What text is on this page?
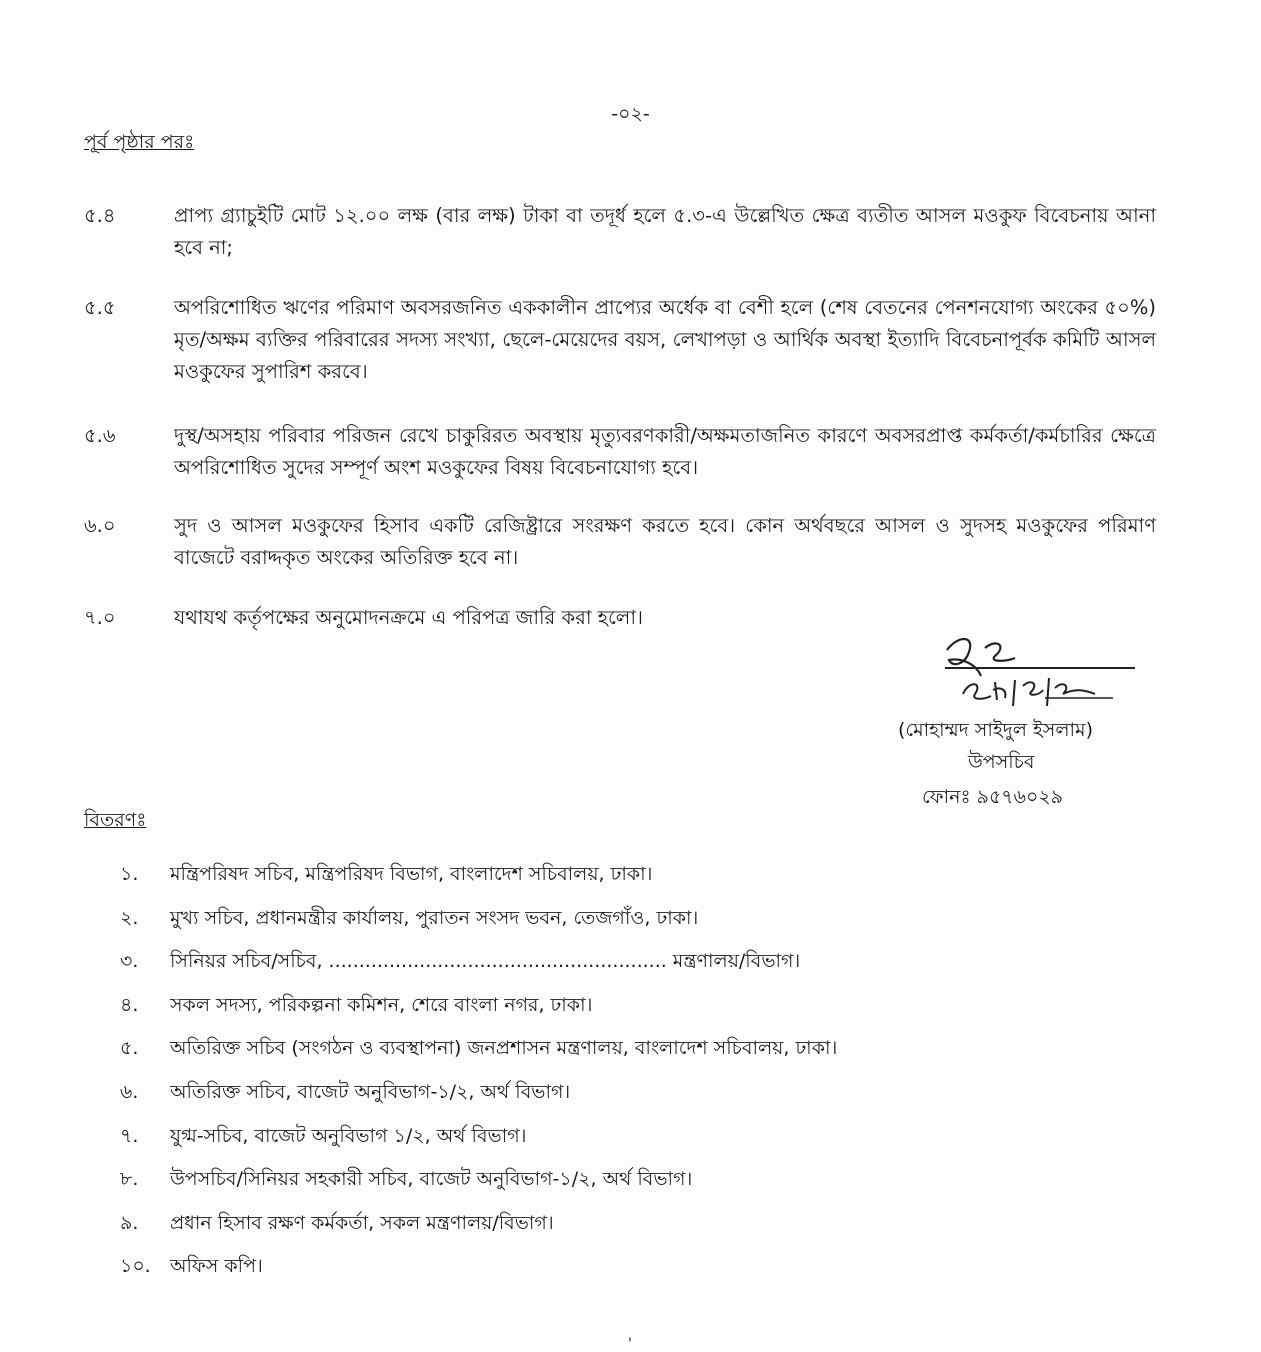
-০২-
পূর্ব পৃষ্ঠার পরঃ
৫.৪	প্রাপ্য গ্র্যাচুইটি মোট ১২.০০ লক্ষ (বার লক্ষ) টাকা বা তদূর্ধ হলে ৫.৩-এ উল্লেখিত ক্ষেত্র ব্যতীত আসল মওকুফ বিবেচনায় আনা হবে না;
৫.৫	অপরিশোধিত ঋণের পরিমাণ অবসরজনিত এককালীন প্রাপ্যের অর্ধেক বা বেশী হলে (শেষ বেতনের পেনশনযোগ্য অংকের ৫০%) মৃত/অক্ষম ব্যক্তির পরিবারের সদস্য সংখ্যা, ছেলে-মেয়েদের বয়স, লেখাপড়া ও আর্থিক অবস্থা ইত্যাদি বিবেচনাপূর্বক কমিটি আসল মওকুফের সুপারিশ করবে।
৫.৬	দুস্থ/অসহায় পরিবার পরিজন রেখে চাকুরিরত অবস্থায় মৃত্যুবরণকারী/অক্ষমতাজনিত কারণে অবসরপ্রাপ্ত কর্মকর্তা/কর্মচারির ক্ষেত্রে অপরিশোধিত সুদের সম্পূর্ণ অংশ মওকুফের বিষয় বিবেচনাযোগ্য হবে।
৬.০	সুদ ও আসল মওকুফের হিসাব একটি রেজিষ্ট্রারে সংরক্ষণ করতে হবে। কোন অর্থবছরে আসল ও সুদসহ মওকুফের পরিমাণ বাজেটে বরাদ্দকৃত অংকের অতিরিক্ত হবে না।
৭.০	যথাযথ কর্তৃপক্ষের অনুমোদনক্রমে এ পরিপত্র জারি করা হলো।
(মোহাম্মদ সাইদুল ইসলাম)
উপসচিব
ফোনঃ ৯৫৭৬০২৯
বিতরণঃ
১.	মন্ত্রিপরিষদ সচিব, মন্ত্রিপরিষদ বিভাগ, বাংলাদেশ সচিবালয়, ঢাকা।
২.	মুখ্য সচিব, প্রধানমন্ত্রীর কার্যালয়, পুরাতন সংসদ ভবন, তেজগাঁও, ঢাকা।
৩.	সিনিয়র সচিব/সচিব, ........................................................ মন্ত্রণালয়/বিভাগ।
৪.	সকল সদস্য, পরিকল্পনা কমিশন, শেরে বাংলা নগর, ঢাকা।
৫.	অতিরিক্ত সচিব (সংগঠন ও ব্যবস্থাপনা) জনপ্রশাসন মন্ত্রণালয়, বাংলাদেশ সচিবালয়, ঢাকা।
৬.	অতিরিক্ত সচিব, বাজেট অনুবিভাগ-১/২, অর্থ বিভাগ।
৭.	যুগ্ম-সচিব, বাজেট অনুবিভাগ ১/২, অর্থ বিভাগ।
৮.	উপসচিব/সিনিয়র সহকারী সচিব, বাজেট অনুবিভাগ-১/২, অর্থ বিভাগ।
৯.	প্রধান হিসাব রক্ষণ কর্মকর্তা, সকল মন্ত্রণালয়/বিভাগ।
১০.	অফিস কপি।
'
